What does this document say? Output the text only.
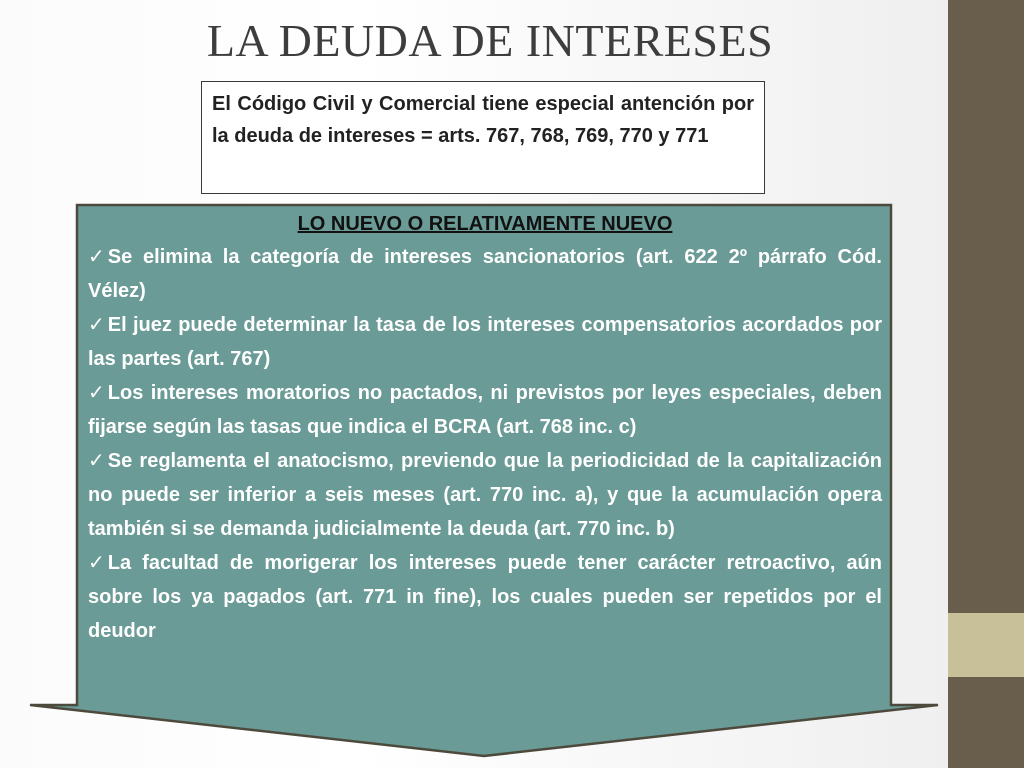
LA DEUDA DE INTERESES

El Código Civil y Comercial tiene especial antención por la deuda de intereses = arts. 767, 768, 769, 770 y 771

LO NUEVO O RELATIVAMENTE NUEVO

✓ Se elimina la categoría de intereses sancionatorios (art. 622 2º párrafo Cód. Vélez)
✓ El juez puede determinar la tasa de los intereses compensatorios acordados por las partes (art. 767)
✓ Los intereses moratorios no pactados, ni previstos por leyes especiales, deben fijarse según las tasas que indica el BCRA (art. 768 inc. c)
✓ Se reglamenta el anatocismo, previendo que la periodicidad de la capitalización no puede ser inferior a seis meses (art. 770 inc. a), y que la acumulación opera también si se demanda judicialmente la deuda (art. 770 inc. b)
✓ La facultad de morigerar los intereses puede tener carácter retroactivo, aún sobre los ya pagados (art. 771 in fine), los cuales pueden ser repetidos por el deudor
